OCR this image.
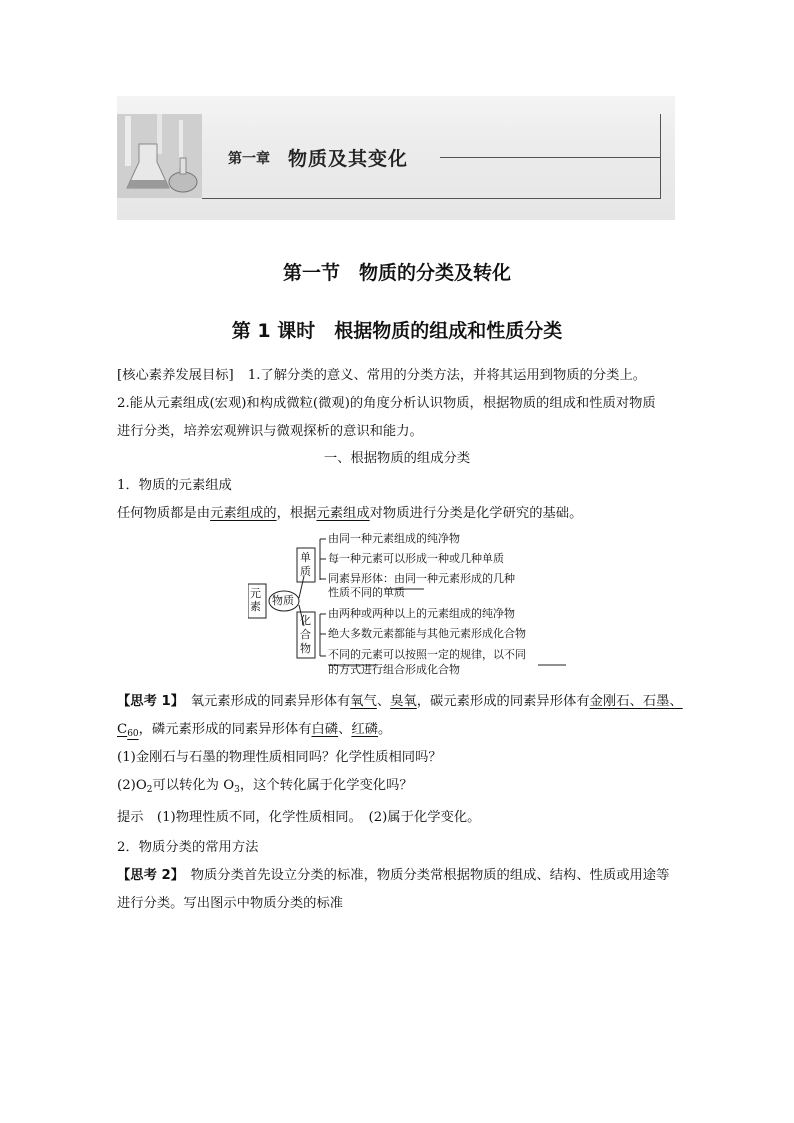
第一章 物质及其变化
第一节　物质的分类及转化
第 1 课时　根据物质的组成和性质分类
[核心素养发展目标] 1.了解分类的意义、常用的分类方法，并将其运用到物质的分类上。
2.能从元素组成(宏观)和构成微粒(微观)的角度分析认识物质，根据物质的组成和性质对物质
进行分类，培养宏观辨识与微观探析的意识和能力。
一、根据物质的组成分类
1．物质的元素组成
任何物质都是由元素组成的，根据元素组成对物质进行分类是化学研究的基础。
元素 物质
单质
化合物
由同一种元素组成的纯净物
每一种元素可以形成一种或几种单质
同素异形体：由同一种元素形成的几种
性质不同的单质
由两种或两种以上的元素组成的纯净物
绝大多数元素都能与其他元素形成化合物
不同的元素可以按照一定的规律，以不同
的方式进行组合形成化合物
【思考 1】　氧元素形成的同素异形体有氧气、臭氧，碳元素形成的同素异形体有金刚石、石墨、
$C_{60}$，磷元素形成的同素异形体有白磷、红磷。
(1)金刚石与石墨的物理性质相同吗？化学性质相同吗？
$(2)O_2$可以转化为 $O_3$，这个转化属于化学变化吗？
提示　(1)物理性质不同，化学性质相同。　(2)属于化学变化。
2．物质分类的常用方法
【思考 2】　物质分类首先设立分类的标准，物质分类常根据物质的组成、结构、性质或用途等
进行分类。写出图示中物质分类的标准
